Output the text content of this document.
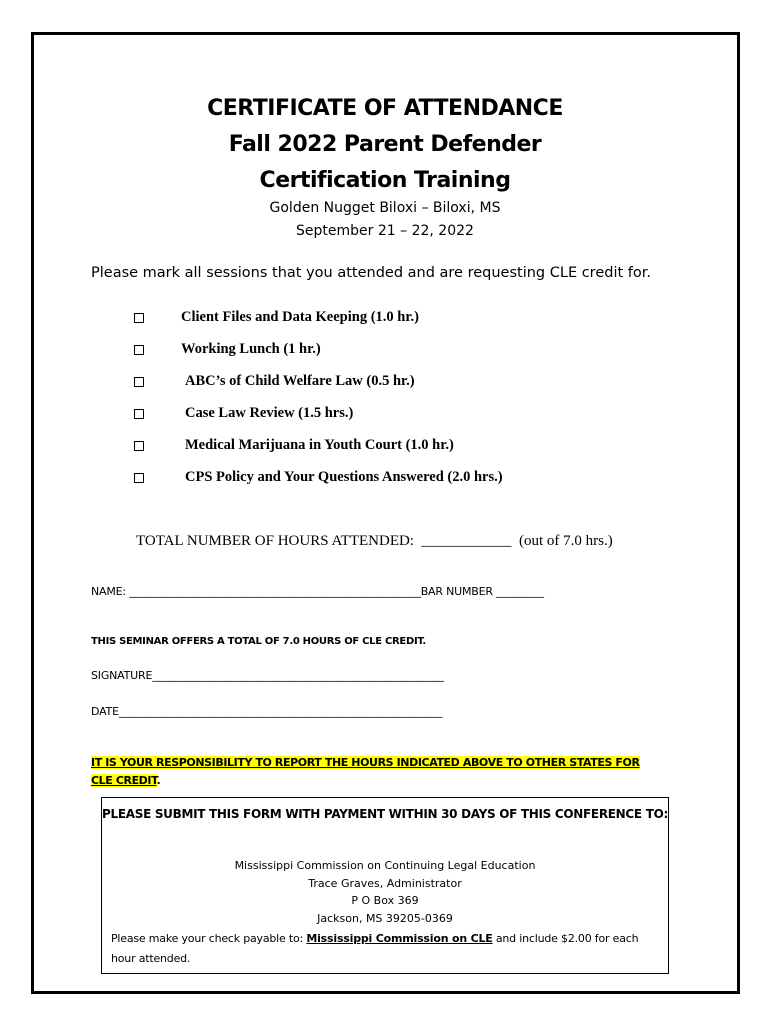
CERTIFICATE OF ATTENDANCE
Fall 2022 Parent Defender
Certification Training
Golden Nugget Biloxi – Biloxi, MS
September 21 – 22, 2022
Please mark all sessions that you attended and are requesting CLE credit for.
Client Files and Data Keeping (1.0 hr.)
Working Lunch (1 hr.)
ABC’s of Child Welfare Law (0.5 hr.)
Case Law Review (1.5 hrs.)
Medical Marijuana in Youth Court (1.0 hr.)
CPS Policy and Your Questions Answered (2.0 hrs.)
TOTAL NUMBER OF HOURS ATTENDED:  ____________  (out of 7.0 hrs.)
NAME: _______________________________________________________BAR NUMBER _________
THIS SEMINAR OFFERS A TOTAL OF 7.0 HOURS OF CLE CREDIT.
SIGNATURE_______________________________________________________
DATE_____________________________________________________________
IT IS YOUR RESPONSIBILITY TO REPORT THE HOURS INDICATED ABOVE TO OTHER STATES FOR CLE CREDIT.
PLEASE SUBMIT THIS FORM WITH PAYMENT WITHIN 30 DAYS OF THIS CONFERENCE TO:
Mississippi Commission on Continuing Legal Education
Trace Graves, Administrator
P O Box 369
Jackson, MS 39205-0369
Please make your check payable to: Mississippi Commission on CLE and include $2.00 for each hour attended.
